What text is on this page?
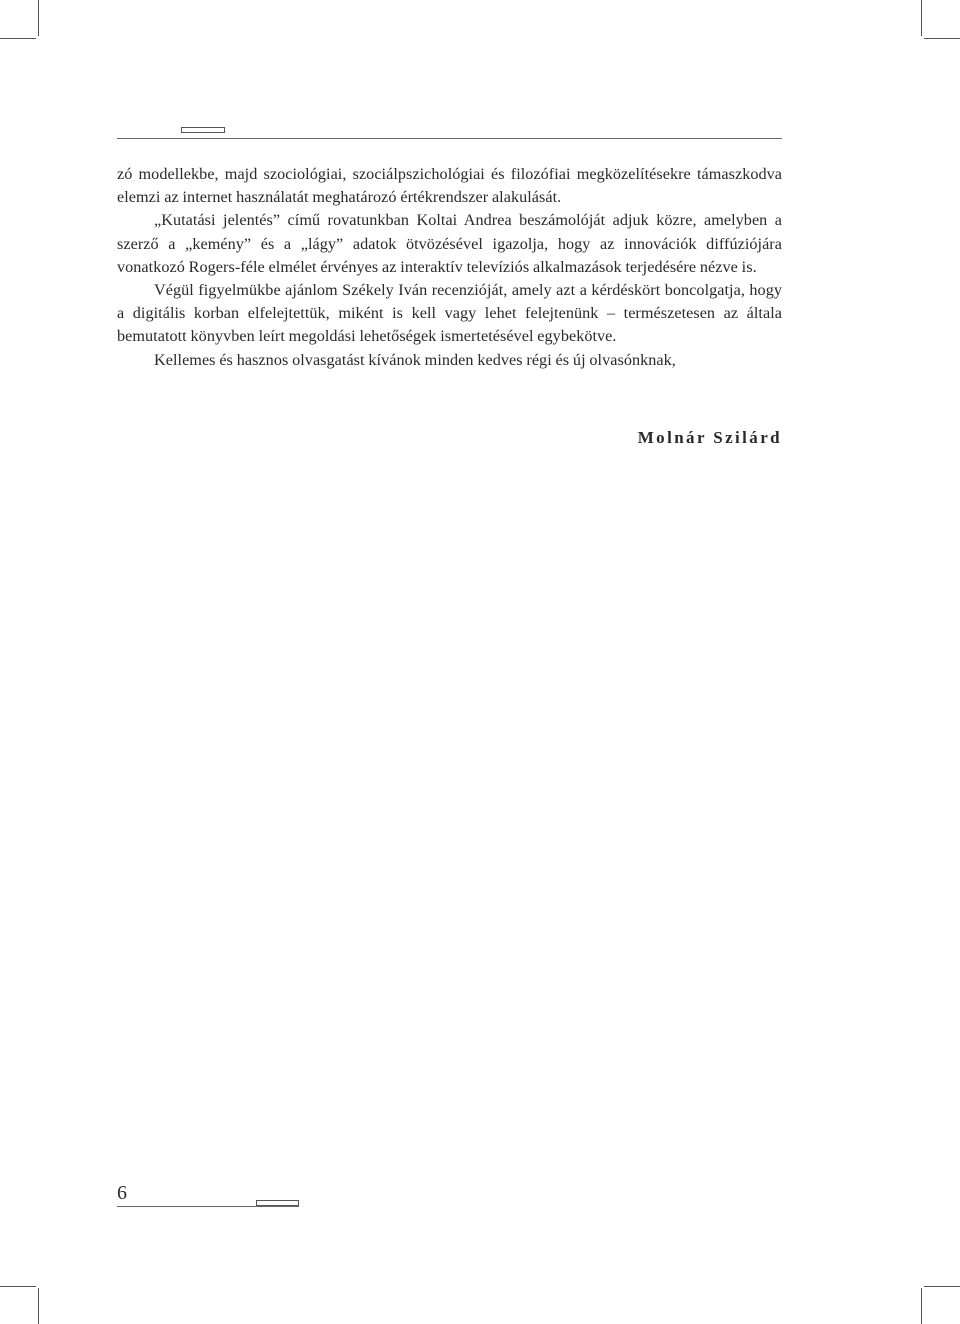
zó modellekbe, majd szociológiai, szociálpszichológiai és filozófiai megközelítésekre támaszkodva elemzi az internet használatát meghatározó értékrendszer alakulását.

„Kutatási jelentés” című rovatunkban Koltai Andrea beszámolóját adjuk közre, amelyben a szerző a „kemény” és a „lágy” adatok ötvözésével igazolja, hogy az innovációk diffúziójára vonatkozó Rogers-féle elmélet érvényes az interaktív televíziós alkalmazások terjedésére nézve is.

Végül figyelmükbe ajánlom Székely Iván recenzióját, amely azt a kérdéskört boncolgatja, hogy a digitális korban elfelejtettük, miként is kell vagy lehet felejtenünk – természetesen az általa bemutatott könyvben leírt megoldási lehetőségek ismertetésével egybekötve.

Kellemes és hasznos olvasgatást kívánok minden kedves régi és új olvasónknak,

Molnár Szilárd
6
